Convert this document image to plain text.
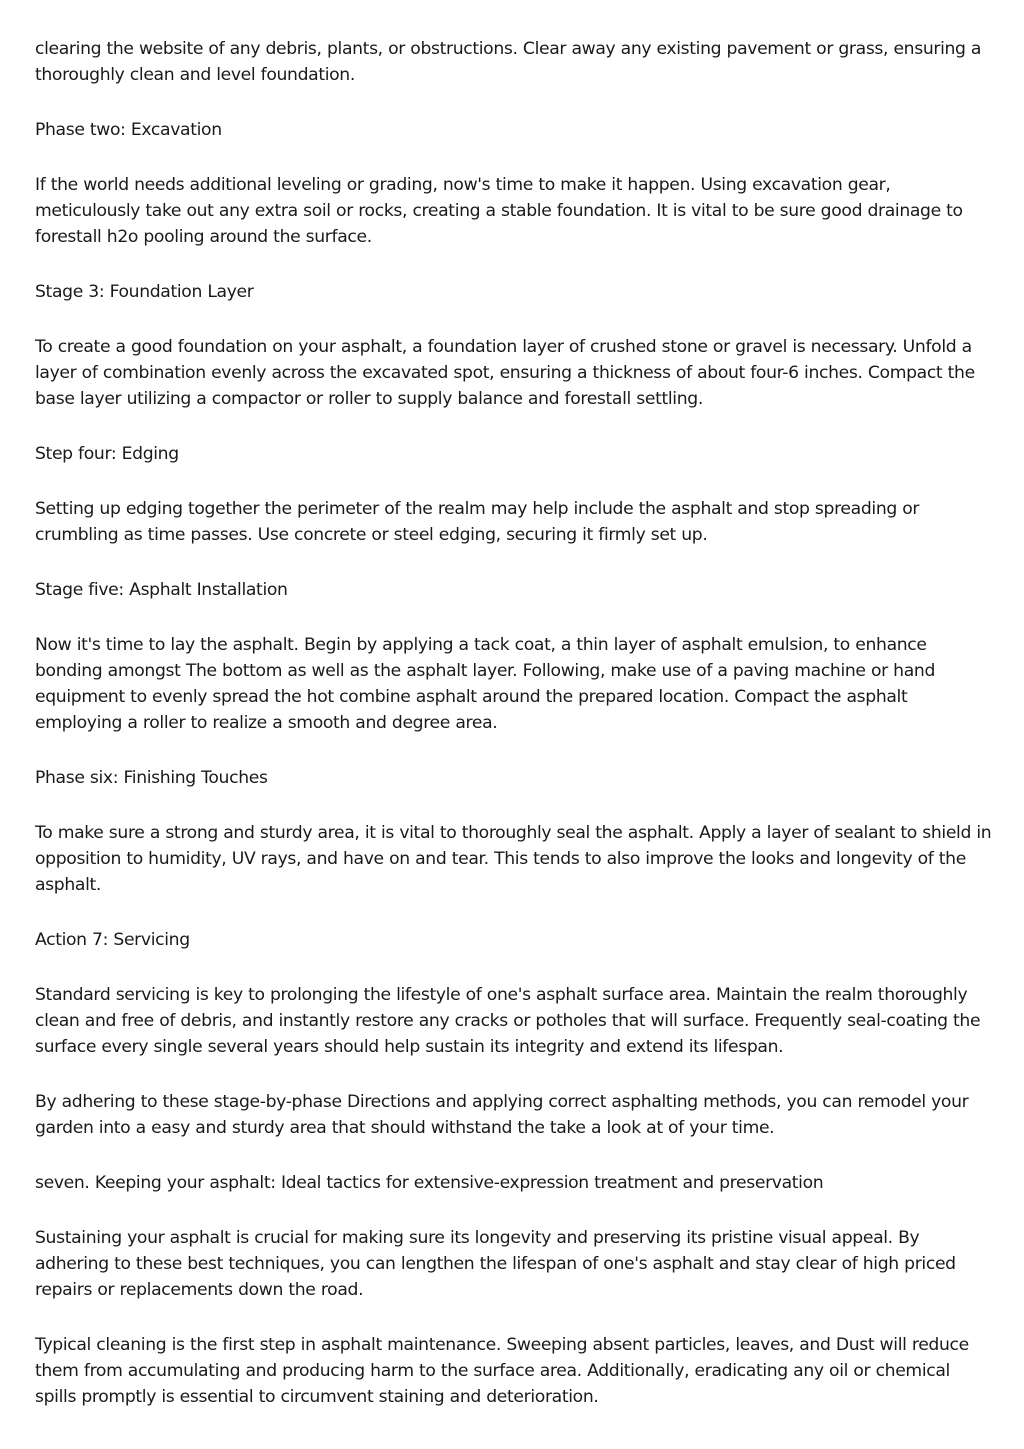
clearing the website of any debris, plants, or obstructions. Clear away any existing pavement or grass, ensuring a thoroughly clean and level foundation.

Phase two: Excavation

If the world needs additional leveling or grading, now's time to make it happen. Using excavation gear, meticulously take out any extra soil or rocks, creating a stable foundation. It is vital to be sure good drainage to forestall h2o pooling around the surface.

Stage 3: Foundation Layer

To create a good foundation on your asphalt, a foundation layer of crushed stone or gravel is necessary. Unfold a layer of combination evenly across the excavated spot, ensuring a thickness of about four-6 inches. Compact the base layer utilizing a compactor or roller to supply balance and forestall settling.

Step four: Edging

Setting up edging together the perimeter of the realm may help include the asphalt and stop spreading or crumbling as time passes. Use concrete or steel edging, securing it firmly set up.

Stage five: Asphalt Installation

Now it's time to lay the asphalt. Begin by applying a tack coat, a thin layer of asphalt emulsion, to enhance bonding amongst The bottom as well as the asphalt layer. Following, make use of a paving machine or hand equipment to evenly spread the hot combine asphalt around the prepared location. Compact the asphalt employing a roller to realize a smooth and degree area.

Phase six: Finishing Touches

To make sure a strong and sturdy area, it is vital to thoroughly seal the asphalt. Apply a layer of sealant to shield in opposition to humidity, UV rays, and have on and tear. This tends to also improve the looks and longevity of the asphalt.

Action 7: Servicing

Standard servicing is key to prolonging the lifestyle of one's asphalt surface area. Maintain the realm thoroughly clean and free of debris, and instantly restore any cracks or potholes that will surface. Frequently seal-coating the surface every single several years should help sustain its integrity and extend its lifespan.

By adhering to these stage-by-phase Directions and applying correct asphalting methods, you can remodel your garden into a easy and sturdy area that should withstand the take a look at of your time.

seven. Keeping your asphalt: Ideal tactics for extensive-expression treatment and preservation

Sustaining your asphalt is crucial for making sure its longevity and preserving its pristine visual appeal. By adhering to these best techniques, you can lengthen the lifespan of one's asphalt and stay clear of high priced repairs or replacements down the road.

Typical cleaning is the first step in asphalt maintenance. Sweeping absent particles, leaves, and Dust will reduce them from accumulating and producing harm to the surface area. Additionally, eradicating any oil or chemical spills promptly is essential to circumvent staining and deterioration.
